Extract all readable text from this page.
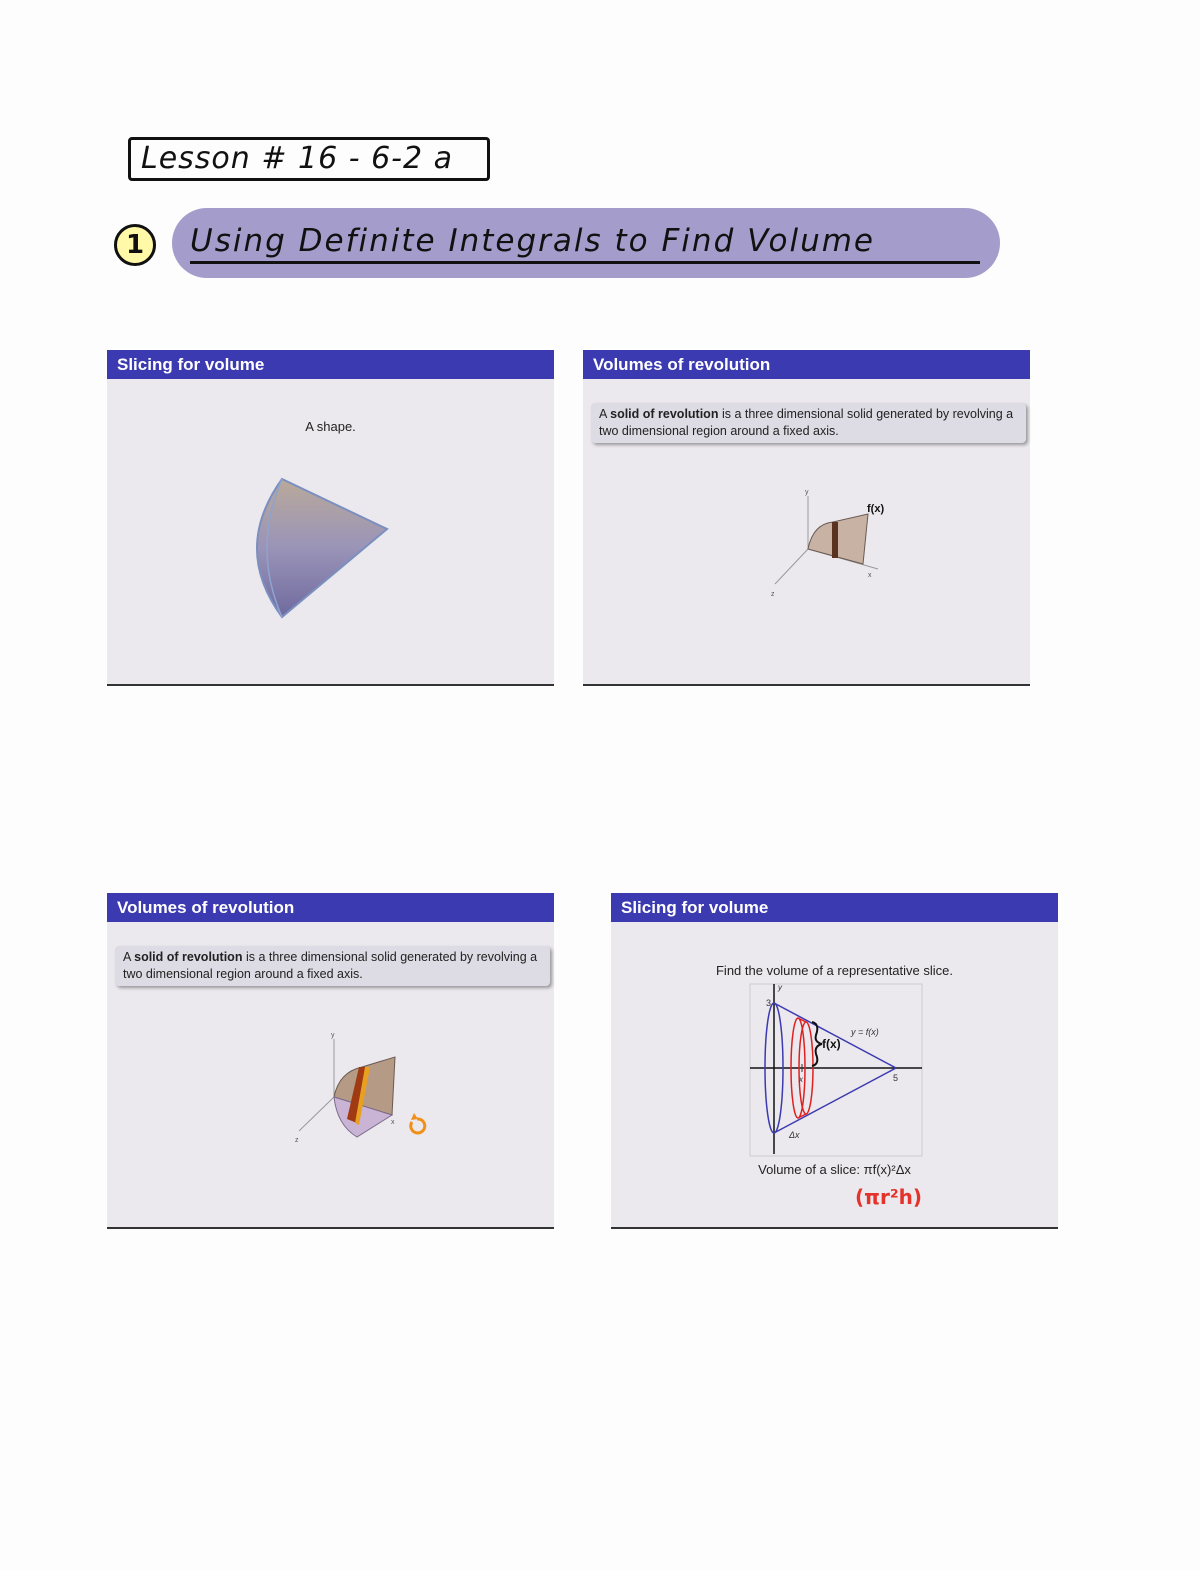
Lesson # 16 - 6-2 a
1	Using Definite Integrals to Find Volume
Slicing for volume
A shape.
Volumes of revolution
A solid of revolution is a three dimensional solid generated by revolving a two dimensional region around a fixed axis.
y
x
z
f(x)
Volumes of revolution
A solid of revolution is a three dimensional solid generated by revolving a two dimensional region around a fixed axis.
y
z
x
Slicing for volume
Find the volume of a representative slice.
3
5
y
y = f(x)
f(x)
x
Δx
Volume of a slice: πf(x)²Δx
(πr²h)
